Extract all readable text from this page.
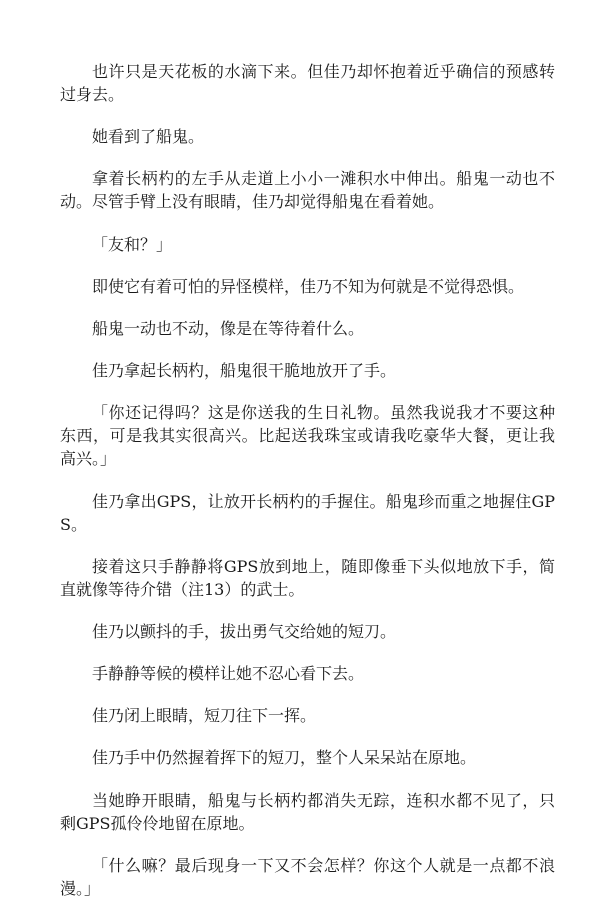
也许只是天花板的水滴下来。但佳乃却怀抱着近乎确信的预感转过身去。

她看到了船鬼。

拿着长柄杓的左手从走道上小小一滩积水中伸出。船鬼一动也不动。尽管手臂上没有眼睛，佳乃却觉得船鬼在看着她。

「友和？」

即使它有着可怕的异怪模样，佳乃不知为何就是不觉得恐惧。

船鬼一动也不动，像是在等待着什么。

佳乃拿起长柄杓，船鬼很干脆地放开了手。

「你还记得吗？这是你送我的生日礼物。虽然我说我才不要这种东西，可是我其实很高兴。比起送我珠宝或请我吃豪华大餐，更让我高兴。」

佳乃拿出GPS，让放开长柄杓的手握住。船鬼珍而重之地握住GPS。

接着这只手静静将GPS放到地上，随即像垂下头似地放下手，简直就像等待介错（注13）的武士。

佳乃以颤抖的手，拔出勇气交给她的短刀。

手静静等候的模样让她不忍心看下去。

佳乃闭上眼睛，短刀往下一挥。

佳乃手中仍然握着挥下的短刀，整个人呆呆站在原地。

当她睁开眼睛，船鬼与长柄杓都消失无踪，连积水都不见了，只剩GPS孤伶伶地留在原地。

「什么嘛？最后现身一下又不会怎样？你这个人就是一点都不浪漫。」
